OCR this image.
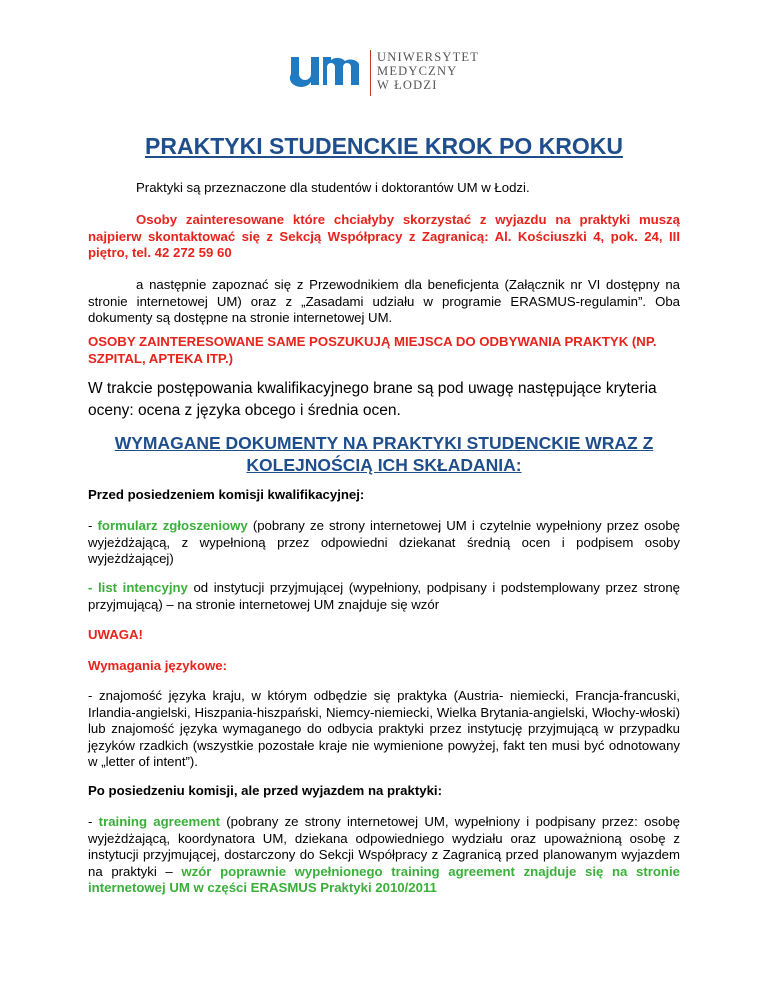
UNIWERSYTET
MEDYCZNY
W ŁODZI
PRAKTYKI STUDENCKIE KROK PO KROKU

Praktyki są przeznaczone dla studentów i doktorantów UM w Łodzi.

Osoby zainteresowane które chciałyby skorzystać z wyjazdu na praktyki muszą najpierw skontaktować się z Sekcją Współpracy z Zagranicą: Al. Kościuszki 4, pok. 24, III piętro, tel. 42 272 59 60

a następnie zapoznać się z Przewodnikiem dla beneficjenta (Załącznik nr VI dostępny na stronie internetowej UM) oraz z „Zasadami udziału w programie ERASMUS-regulamin”. Oba dokumenty są dostępne na stronie internetowej UM.

OSOBY ZAINTERESOWANE SAME POSZUKUJĄ MIEJSCA DO ODBYWANIA PRAKTYK (NP. SZPITAL, APTEKA ITP.)

W trakcie postępowania kwalifikacyjnego brane są pod uwagę następujące kryteria oceny: ocena z języka obcego i średnia ocen.

WYMAGANE DOKUMENTY NA PRAKTYKI STUDENCKIE WRAZ Z
KOLEJNOŚCIĄ ICH SKŁADANIA:

Przed posiedzeniem komisji kwalifikacyjnej:

- formularz zgłoszeniowy (pobrany ze strony internetowej UM i czytelnie wypełniony przez osobę wyjeżdżającą, z wypełnioną przez odpowiedni dziekanat średnią ocen i podpisem osoby wyjeżdżającej)

- list intencyjny od instytucji przyjmującej (wypełniony, podpisany i podstemplowany przez stronę przyjmującą) – na stronie internetowej UM znajduje się wzór

UWAGA!

Wymagania językowe:

- znajomość języka kraju, w którym odbędzie się praktyka (Austria- niemiecki, Francja-francuski, Irlandia-angielski, Hiszpania-hiszpański, Niemcy-niemiecki, Wielka Brytania-angielski, Włochy-włoski) lub znajomość języka wymaganego do odbycia praktyki przez instytucję przyjmującą w przypadku języków rzadkich (wszystkie pozostałe kraje nie wymienione powyżej, fakt ten musi być odnotowany w „letter of intent”).

Po posiedzeniu komisji, ale przed wyjazdem na praktyki:

- training agreement (pobrany ze strony internetowej UM, wypełniony i podpisany przez: osobę wyjeżdżającą, koordynatora UM, dziekana odpowiedniego wydziału oraz upoważnioną osobę z instytucji przyjmującej, dostarczony do Sekcji Współpracy z Zagranicą przed planowanym wyjazdem na praktyki – wzór poprawnie wypełnionego training agreement znajduje się na stronie internetowej UM w części ERASMUS Praktyki 2010/2011
